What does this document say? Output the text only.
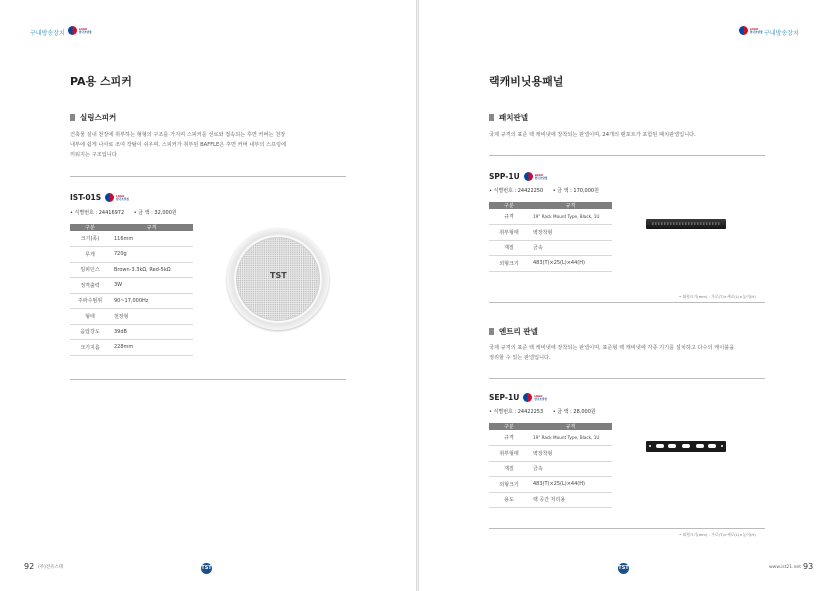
구내방송장치
LOGO
한국조달청
PA용 스피커
실링스피커
건축물 실내 천장에 취부하는 형형의 구조를 가지며 스피커를 선로와 접속되는 후면 커버는 천장
내부에 쉽게 나사로 조여 작탈이 쉬우며, 스피커가 취부된 BAFFLE은 후면 커버 내부의 스프링에
끼워지는 구조입니다
IST-01S	LOGO
한국조달청
• 식별번호 : 24416972 • 금 액 : 32,000원
구분	규격
크기(폭)	116mm
무게	720g
임피던스	Brown-3.3kΩ, Red-5kΩ
정격출력	3W
주파수범위	90~17,000Hz
형태	천장형
음압강도	39dB
크기지름	228mm
TST
92 (주)진유스테	TST
LOGO
한국조달청 구내방송장치
랙캐비닛용패널
패치판넬
국제 규격의 표준 랙 캐비넷에 장착되는 판넬이며, 24개의 랜포트가 포함된 패치판넬입니다.
SPP-1U	LOGO
한국조달청
• 식별번호 : 24422250 • 금 액 : 170,000원
구분	규격
규격	19" Rack Mount Type, Black, 1U
취부형태	벽장착형
재질	금속
외형크기	483(T)×25(L)×44(H)
• 외형크기(mm) : 가로(T)×세로(L)×높이(H)
엔트리 판넬
국제 규격의 표준 랙 캐비넷에 장착되는 판넬이며, 표준형 랙 캐비넷에 각종 기기를 설치하고 다수의 케이블을
정리할 수 있는 판넬입니다.
SEP-1U	LOGO
한국조달청
• 식별번호 : 24422253 • 금 액 : 28,000원
구분	규격
규격	19" Rack Mount Type, Black, 1U
취부형태	벽장착형
재질	금속
외형크기	483(T)×25(L)×44(H)
용도	랙 공간 처리용
• 외형크기(mm) : 가로(T)×세로(L)×높이(H)
TST	www.ist21.net 93
